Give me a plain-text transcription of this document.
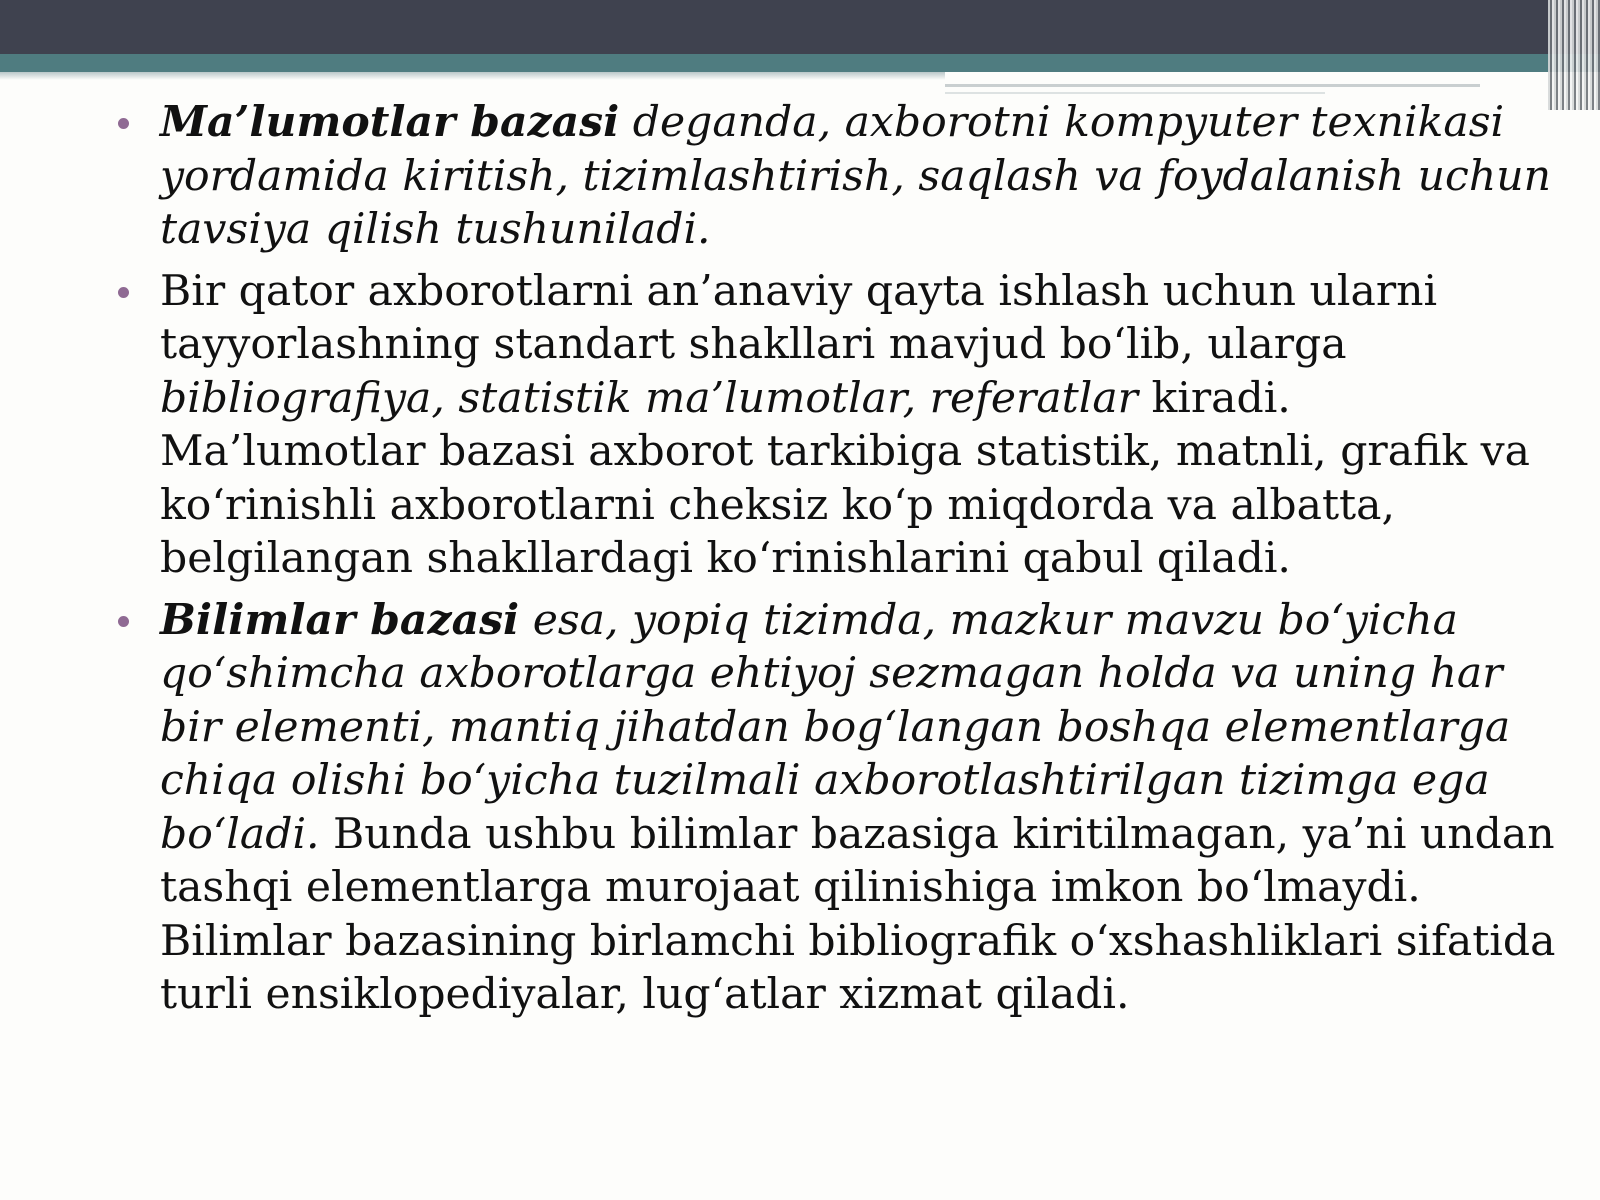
Ma’lumotlar bazasi deganda, axborotni kompyuter texnikasi yordamida kiritish, tizimlashtirish, saqlash va foydalanish uchun tavsiya qilish tushuniladi.

Bir qator axborotlarni an’anaviy qayta ishlash uchun ularni tayyorlashning standart shakllari mavjud bo‘lib, ularga bibliografiya, statistik ma’lumotlar, referatlar kiradi. Ma’lumotlar bazasi axborot tarkibiga statistik, matnli, grafik va ko‘rinishli axborotlarni cheksiz ko‘p miqdorda va albatta, belgilangan shakllardagi ko‘rinishlarini qabul qiladi.

Bilimlar bazasi esa, yopiq tizimda, mazkur mavzu bo‘yicha qo‘shimcha axborotlarga ehtiyoj sezmagan holda va uning har bir elementi, mantiq jihatdan bog‘langan boshqa elementlarga chiqa olishi bo‘yicha tuzilmali axborotlashtirilgan tizimga ega bo‘ladi. Bunda ushbu bilimlar bazasiga kiritilmagan, ya’ni undan tashqi elementlarga murojaat qilinishiga imkon bo‘lmaydi. Bilimlar bazasining birlamchi bibliografik o‘xshashliklari sifatida turli ensiklopediyalar, lug‘atlar xizmat qiladi.
